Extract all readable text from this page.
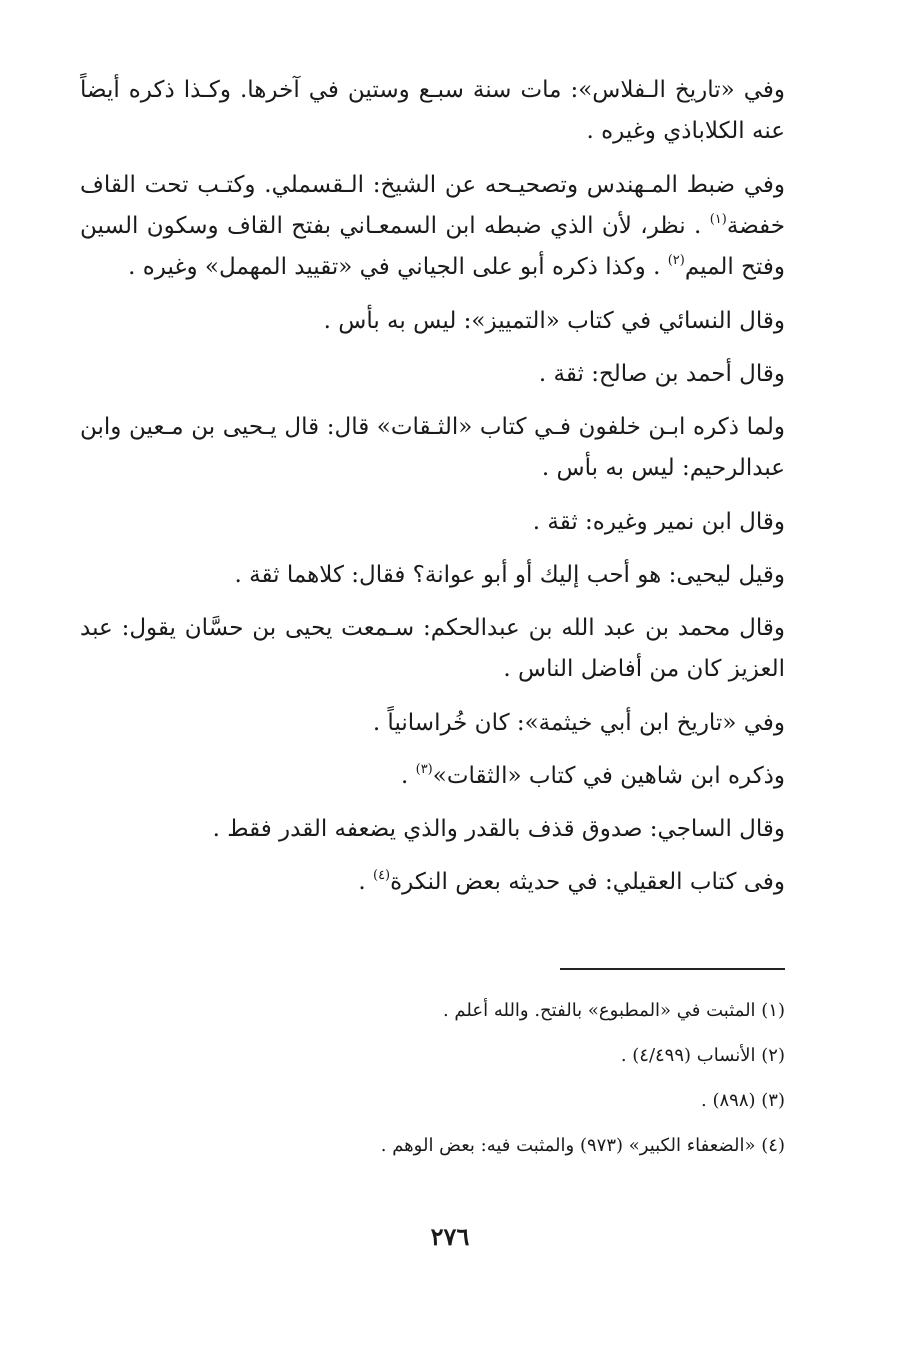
وفي «تاريخ الـفلاس»: مات سنة سبـع وستين في آخرها. وكـذا ذكره أيضاً عنه الكلاباذي وغيره .

وفي ضبط المـهندس وتصحيـحه عن الشيخ: الـقسملي. وكتـب تحت القاف خفضة$^{(١)}$ . نظر، لأن الذي ضبطه ابن السمعـاني بفتح القاف وسكون السين وفتح الميم$^{(٢)}$ . وكذا ذكره أبو على الجياني في «تقييد المهمل» وغيره .

وقال النسائي في كتاب «التمييز»: ليس به بأس .

وقال أحمد بن صالح: ثقة .

ولما ذكره ابـن خلفون فـي كتاب «الثـقات» قال: قال يـحيى بن مـعين وابن عبدالرحيم: ليس به بأس .

وقال ابن نمير وغيره: ثقة .

وقيل ليحيى: هو أحب إليك أو أبو عوانة؟ فقال: كلاهما ثقة .

وقال محمد بن عبد الله بن عبدالحكم: سـمعت يحيى بن حسَّان يقول: عبد العزيز كان من أفاضل الناس .

وفي «تاريخ ابن أبي خيثمة»: كان خُراسانياً .

وذكره ابن شاهين في كتاب «الثقات»$^{(٣)}$ .

وقال الساجي: صدوق قذف بالقدر والذي يضعفه القدر فقط .

وفى كتاب العقيلي: في حديثه بعض النكرة$^{(٤)}$ .

(١) المثبت في «المطبوع» بالفتح. والله أعلم .
(٢) الأنساب (٤/٤٩٩) .
(٣) (٨٩٨) .
(٤) «الضعفاء الكبير» (٩٧٣) والمثبت فيه: بعض الوهم .
٢٧٦
